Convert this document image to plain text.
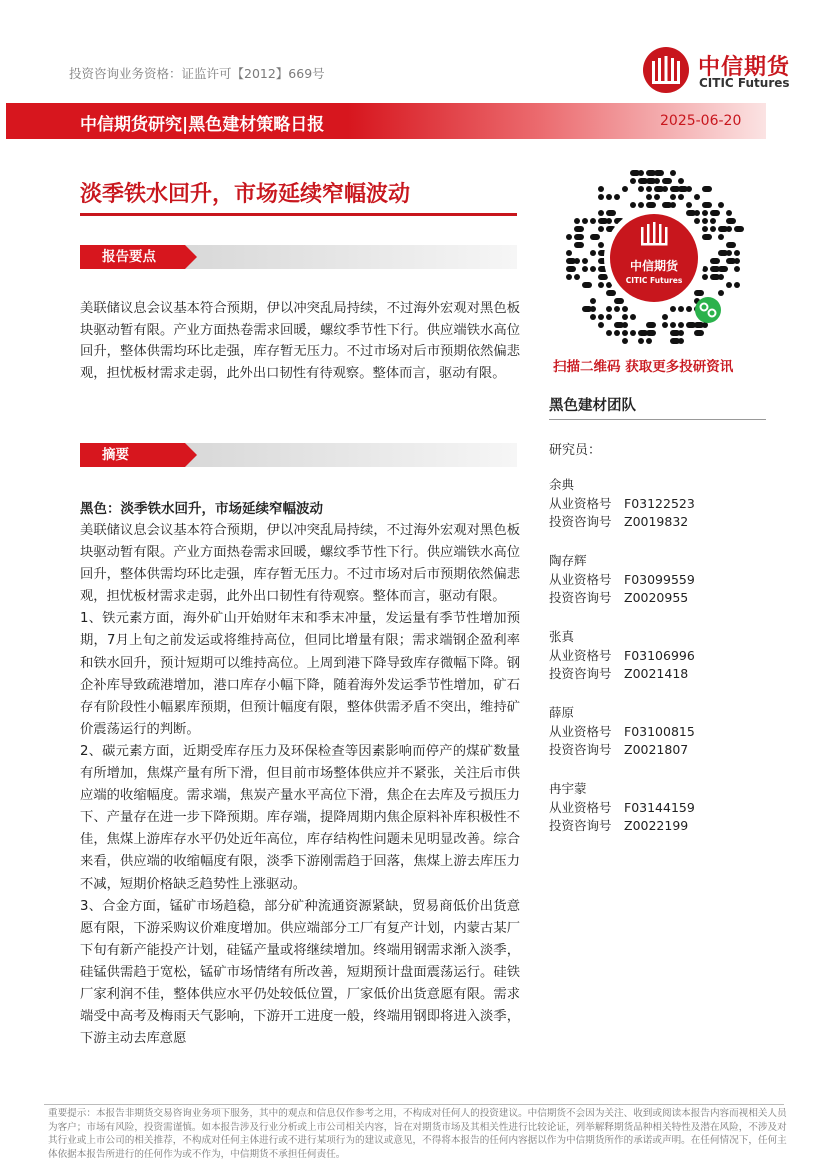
投资咨询业务资格：证监许可【2012】669号	中信期货
CITIC Futures
中信期货研究|黑色建材策略日报	2025-06-20
淡季铁水回升，市场延续窄幅波动
报告要点

美联储议息会议基本符合预期，伊以冲突乱局持续，不过海外宏观对黑色板块驱动暂有限。产业方面热卷需求回暖，螺纹季节性下行。供应端铁水高位回升，整体供需均环比走强，库存暂无压力。不过市场对后市预期依然偏悲观，担忧板材需求走弱，此外出口韧性有待观察。整体而言，驱动有限。

摘要
黑色：淡季铁水回升，市场延续窄幅波动

美联储议息会议基本符合预期，伊以冲突乱局持续，不过海外宏观对黑色板块驱动暂有限。产业方面热卷需求回暖，螺纹季节性下行。供应端铁水高位回升，整体供需均环比走强，库存暂无压力。不过市场对后市预期依然偏悲观，担忧板材需求走弱，此外出口韧性有待观察。整体而言，驱动有限。

1、铁元素方面，海外矿山开始财年末和季末冲量，发运量有季节性增加预期，7月上旬之前发运或将维持高位，但同比增量有限；需求端钢企盈利率和铁水回升，预计短期可以维持高位。上周到港下降导致库存微幅下降。钢企补库导致疏港增加，港口库存小幅下降，随着海外发运季节性增加，矿石存有阶段性小幅累库预期，但预计幅度有限，整体供需矛盾不突出，维持矿价震荡运行的判断。

2、碳元素方面，近期受库存压力及环保检查等因素影响而停产的煤矿数量有所增加，焦煤产量有所下滑，但目前市场整体供应并不紧张，关注后市供应端的收缩幅度。需求端，焦炭产量水平高位下滑，焦企在去库及亏损压力下、产量存在进一步下降预期。库存端，提降周期内焦企原料补库积极性不佳，焦煤上游库存水平仍处近年高位，库存结构性问题未见明显改善。综合来看，供应端的收缩幅度有限，淡季下游刚需趋于回落，焦煤上游去库压力不减，短期价格缺乏趋势性上涨驱动。

3、合金方面，锰矿市场趋稳，部分矿种流通资源紧缺，贸易商低价出货意愿有限，下游采购议价难度增加。供应端部分工厂有复产计划，内蒙古某厂下旬有新产能投产计划，硅锰产量或将继续增加。终端用钢需求渐入淡季，硅锰供需趋于宽松，锰矿市场情绪有所改善，短期预计盘面震荡运行。硅铁厂家利润不佳，整体供应水平仍处较低位置，厂家低价出货意愿有限。需求端受中高考及梅雨天气影响，下游开工进度一般，终端用钢即将进入淡季，下游主动去库意愿

中信期货
CITIC Futures
扫描二维码 获取更多投研资讯
黑色建材团队
研究员：
余典
从业资格号 F03122523
投资咨询号 Z0019832
陶存辉
从业资格号 F03099559
投资咨询号 Z0020955
张真
从业资格号 F03106996
投资咨询号 Z0021418
薛原
从业资格号 F03100815
投资咨询号 Z0021807
冉宇蒙
从业资格号 F03144159
投资咨询号 Z0022199
重要提示：本报告非期货交易咨询业务项下服务，其中的观点和信息仅作参考之用，不构成对任何人的投资建议。中信期货不会因为关注、收到或阅读本报告内容而视相关人员为客户；市场有风险，投资需谨慎。如本报告涉及行业分析或上市公司相关内容，旨在对期货市场及其相关性进行比较论证，列举解释期货品种相关特性及潜在风险，不涉及对其行业或上市公司的相关推荐，不构成对任何主体进行或不进行某项行为的建议或意见，不得将本报告的任何内容据以作为中信期货所作的承诺或声明。在任何情况下，任何主体依据本报告所进行的任何作为或不作为，中信期货不承担任何责任。
